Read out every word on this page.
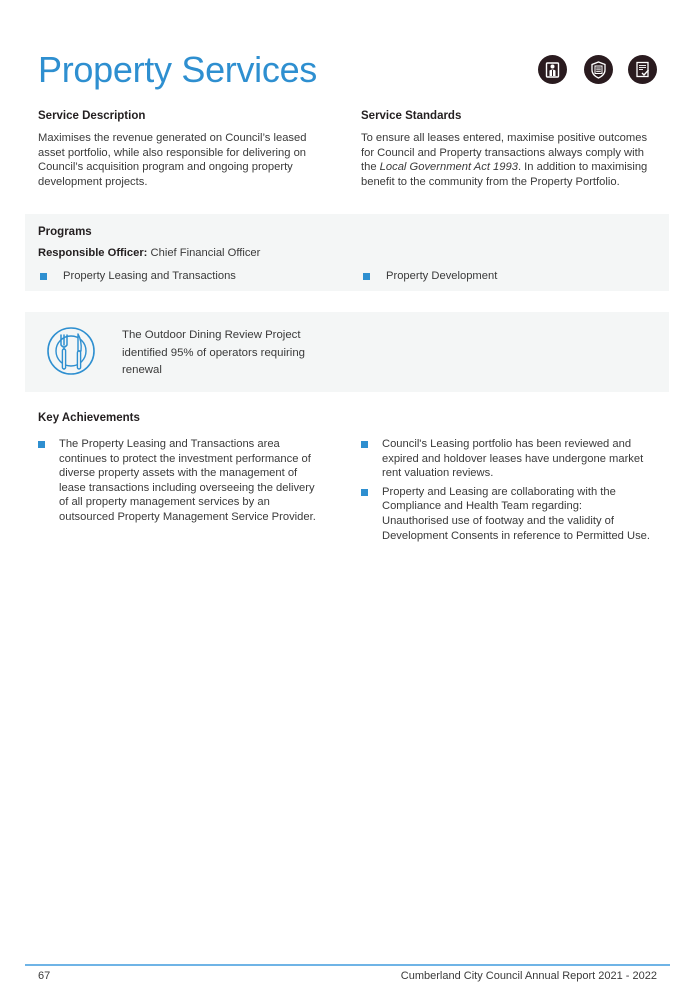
Property Services
Service Description

Maximises the revenue generated on Council’s leased asset portfolio, while also responsible for delivering on Council’s acquisition program and ongoing property development projects.

Service Standards

To ensure all leases entered, maximise positive outcomes for Council and Property transactions always comply with the Local Government Act 1993. In addition to maximising benefit to the community from the Property Portfolio.

Programs
Responsible Officer: Chief Financial Officer
Property Leasing and Transactions	Property Development

The Outdoor Dining Review Project identified 95% of operators requiring renewal

Key Achievements
The Property Leasing and Transactions area continues to protect the investment performance of diverse property assets with the management of lease transactions including overseeing the delivery of all property management services by an outsourced Property Management Service Provider.
Council's Leasing portfolio has been reviewed and expired and holdover leases have undergone market rent valuation reviews.
Property and Leasing are collaborating with the Compliance and Health Team regarding: Unauthorised use of footway and the validity of Development Consents in reference to Permitted Use.
67	Cumberland City Council Annual Report 2021 - 2022
